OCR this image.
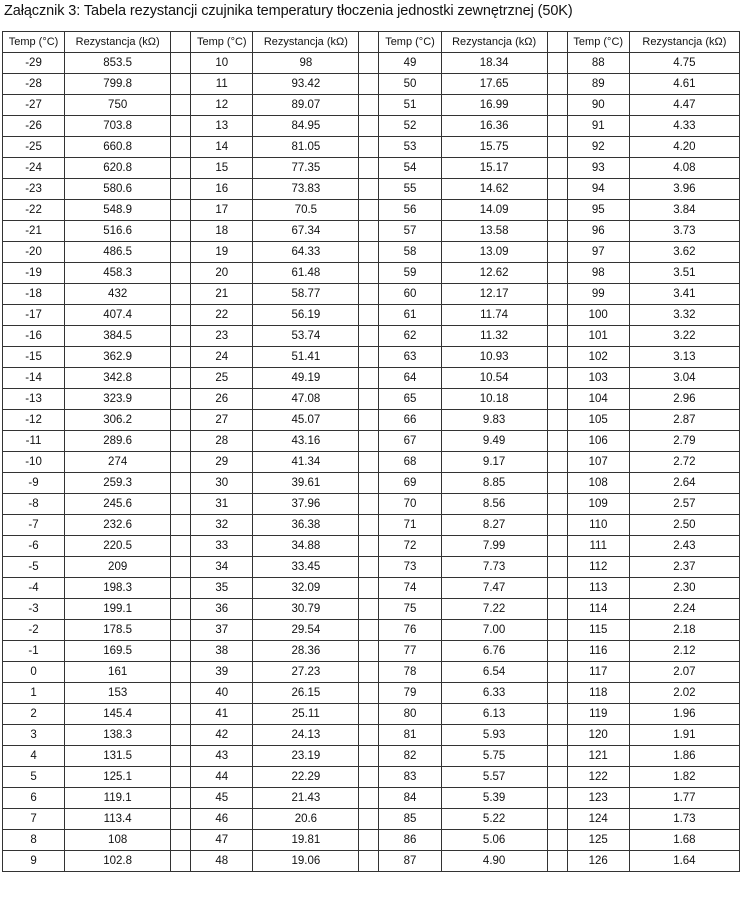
Załącznik 3: Tabela rezystancji czujnika temperatury tłoczenia jednostki zewnętrznej (50K)
Temp (°C)	Rezystancja (kΩ)		Temp (°C)	Rezystancja (kΩ)		Temp (°C)	Rezystancja (kΩ)		Temp (°C)	Rezystancja (kΩ)
-29	853.5		10	98		49	18.34		88	4.75
-28	799.8		11	93.42		50	17.65		89	4.61
-27	750		12	89.07		51	16.99		90	4.47
-26	703.8		13	84.95		52	16.36		91	4.33
-25	660.8		14	81.05		53	15.75		92	4.20
-24	620.8		15	77.35		54	15.17		93	4.08
-23	580.6		16	73.83		55	14.62		94	3.96
-22	548.9		17	70.5		56	14.09		95	3.84
-21	516.6		18	67.34		57	13.58		96	3.73
-20	486.5		19	64.33		58	13.09		97	3.62
-19	458.3		20	61.48		59	12.62		98	3.51
-18	432		21	58.77		60	12.17		99	3.41
-17	407.4		22	56.19		61	11.74		100	3.32
-16	384.5		23	53.74		62	11.32		101	3.22
-15	362.9		24	51.41		63	10.93		102	3.13
-14	342.8		25	49.19		64	10.54		103	3.04
-13	323.9		26	47.08		65	10.18		104	2.96
-12	306.2		27	45.07		66	9.83		105	2.87
-11	289.6		28	43.16		67	9.49		106	2.79
-10	274		29	41.34		68	9.17		107	2.72
-9	259.3		30	39.61		69	8.85		108	2.64
-8	245.6		31	37.96		70	8.56		109	2.57
-7	232.6		32	36.38		71	8.27		110	2.50
-6	220.5		33	34.88		72	7.99		111	2.43
-5	209		34	33.45		73	7.73		112	2.37
-4	198.3		35	32.09		74	7.47		113	2.30
-3	199.1		36	30.79		75	7.22		114	2.24
-2	178.5		37	29.54		76	7.00		115	2.18
-1	169.5		38	28.36		77	6.76		116	2.12
0	161		39	27.23		78	6.54		117	2.07
1	153		40	26.15		79	6.33		118	2.02
2	145.4		41	25.11		80	6.13		119	1.96
3	138.3		42	24.13		81	5.93		120	1.91
4	131.5		43	23.19		82	5.75		121	1.86
5	125.1		44	22.29		83	5.57		122	1.82
6	119.1		45	21.43		84	5.39		123	1.77
7	113.4		46	20.6		85	5.22		124	1.73
8	108		47	19.81		86	5.06		125	1.68
9	102.8		48	19.06		87	4.90		126	1.64
